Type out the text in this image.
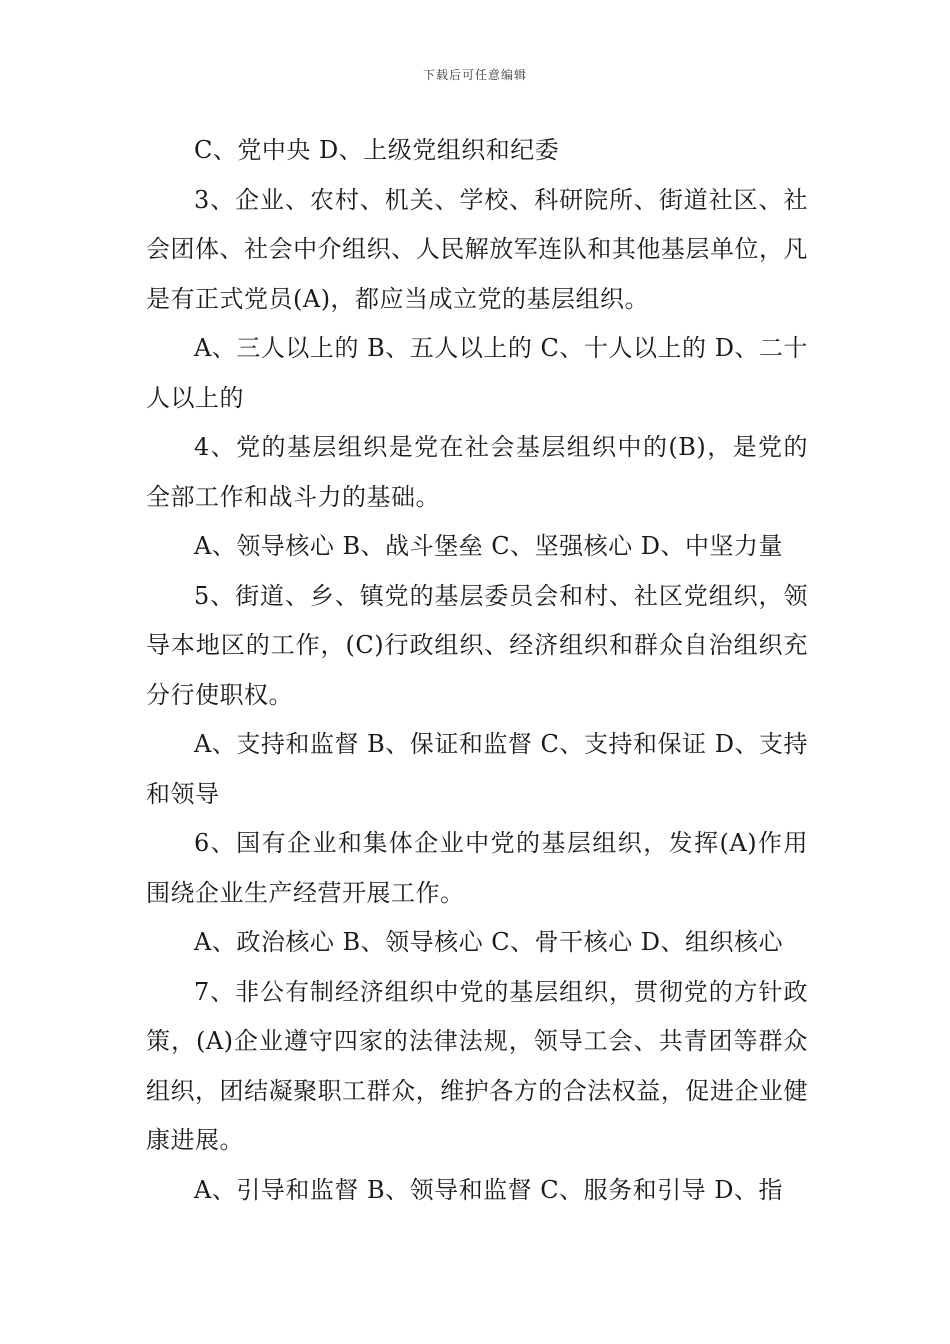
下载后可任意编辑

C、党中央 D、上级党组织和纪委

3、企业、农村、机关、学校、科研院所、街道社区、社会团体、社会中介组织、人民解放军连队和其他基层单位，凡是有正式党员(A)，都应当成立党的基层组织。

A、三人以上的 B、五人以上的 C、十人以上的 D、二十人以上的

4、党的基层组织是党在社会基层组织中的(B)，是党的全部工作和战斗力的基础。

A、领导核心 B、战斗堡垒 C、坚强核心 D、中坚力量

5、街道、乡、镇党的基层委员会和村、社区党组织，领导本地区的工作，(C)行政组织、经济组织和群众自治组织充分行使职权。

A、支持和监督 B、保证和监督 C、支持和保证 D、支持和领导

6、国有企业和集体企业中党的基层组织，发挥(A)作用围绕企业生产经营开展工作。

A、政治核心 B、领导核心 C、骨干核心 D、组织核心

7、非公有制经济组织中党的基层组织，贯彻党的方针政策，(A)企业遵守四家的法律法规，领导工会、共青团等群众组织，团结凝聚职工群众，维护各方的合法权益，促进企业健康进展。

A、引导和监督 B、领导和监督 C、服务和引导 D、指
